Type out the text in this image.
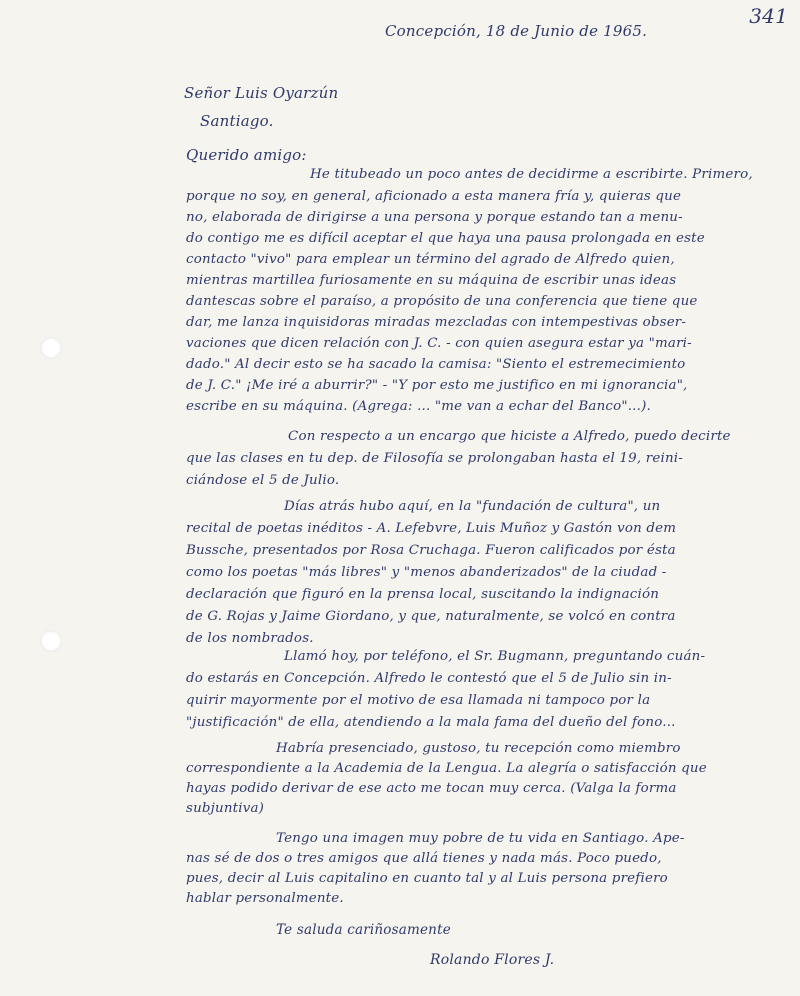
341
Concepción, 18 de Junio de 1965.
Señor Luis Oyarzún
Santiago.
Querido amigo:
He titubeado un poco antes de decidirme a escribirte. Primero,
porque no soy, en general, aficionado a esta manera fría y, quieras que
no, elaborada de dirigirse a una persona y porque estando tan a menu-
do contigo me es difícil aceptar el que haya una pausa prolongada en este
contacto "vivo" para emplear un término del agrado de Alfredo quien,
mientras martillea furiosamente en su máquina de escribir unas ideas
dantescas sobre el paraíso, a propósito de una conferencia que tiene que
dar, me lanza inquisidoras miradas mezcladas con intempestivas obser-
vaciones que dicen relación con J. C. - con quien asegura estar ya "mari-
dado." Al decir esto se ha sacado la camisa: "Siento el estremecimiento
de J. C." ¡Me iré a aburrir?" - "Y por esto me justifico en mi ignorancia",
escribe en su máquina. (Agrega: ... "me van a echar del Banco"...).
Con respecto a un encargo que hiciste a Alfredo, puedo decirte
que las clases en tu dep. de Filosofía se prolongaban hasta el 19, reini-
ciándose el 5 de Julio.
Días atrás hubo aquí, en la "fundación de cultura", un
recital de poetas inéditos - A. Lefebvre, Luis Muñoz y Gastón von dem
Bussche, presentados por Rosa Cruchaga. Fueron calificados por ésta
como los poetas "más libres" y "menos abanderizados" de la ciudad -
declaración que figuró en la prensa local, suscitando la indignación
de G. Rojas y Jaime Giordano, y que, naturalmente, se volcó en contra
de los nombrados.
Llamó hoy, por teléfono, el Sr. Bugmann, preguntando cuán-
do estarás en Concepción. Alfredo le contestó que el 5 de Julio sin in-
quirir mayormente por el motivo de esa llamada ni tampoco por la
"justificación" de ella, atendiendo a la mala fama del dueño del fono...
Habría presenciado, gustoso, tu recepción como miembro
correspondiente a la Academia de la Lengua. La alegría o satisfacción que
hayas podido derivar de ese acto me tocan muy cerca. (Valga la forma
subjuntiva)
Tengo una imagen muy pobre de tu vida en Santiago. Ape-
nas sé de dos o tres amigos que allá tienes y nada más. Poco puedo,
pues, decir al Luis capitalino en cuanto tal y al Luis persona prefiero
hablar personalmente.
Te saluda cariñosamente
Rolando Flores J.
